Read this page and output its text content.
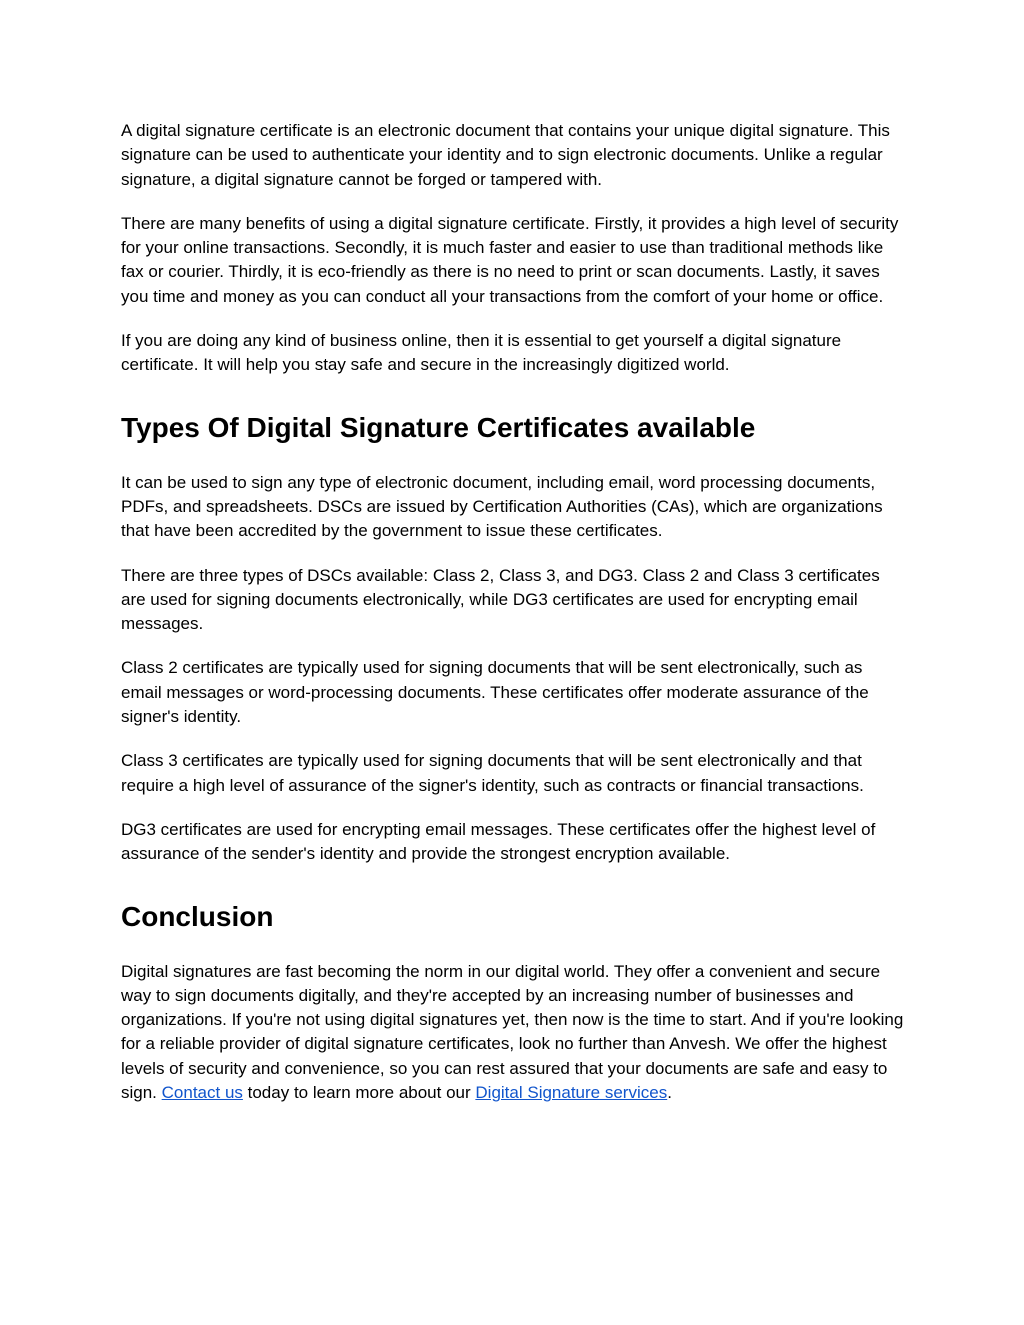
A digital signature certificate is an electronic document that contains your unique digital signature. This signature can be used to authenticate your identity and to sign electronic documents. Unlike a regular signature, a digital signature cannot be forged or tampered with.

There are many benefits of using a digital signature certificate. Firstly, it provides a high level of security for your online transactions. Secondly, it is much faster and easier to use than traditional methods like fax or courier. Thirdly, it is eco-friendly as there is no need to print or scan documents. Lastly, it saves you time and money as you can conduct all your transactions from the comfort of your home or office.

If you are doing any kind of business online, then it is essential to get yourself a digital signature certificate. It will help you stay safe and secure in the increasingly digitized world.

Types Of Digital Signature Certificates available

It can be used to sign any type of electronic document, including email, word processing documents, PDFs, and spreadsheets. DSCs are issued by Certification Authorities (CAs), which are organizations that have been accredited by the government to issue these certificates.

There are three types of DSCs available: Class 2, Class 3, and DG3. Class 2 and Class 3 certificates are used for signing documents electronically, while DG3 certificates are used for encrypting email messages.

Class 2 certificates are typically used for signing documents that will be sent electronically, such as email messages or word-processing documents. These certificates offer moderate assurance of the signer's identity.

Class 3 certificates are typically used for signing documents that will be sent electronically and that require a high level of assurance of the signer's identity, such as contracts or financial transactions.

DG3 certificates are used for encrypting email messages. These certificates offer the highest level of assurance of the sender's identity and provide the strongest encryption available.

Conclusion

Digital signatures are fast becoming the norm in our digital world. They offer a convenient and secure way to sign documents digitally, and they're accepted by an increasing number of businesses and organizations. If you're not using digital signatures yet, then now is the time to start. And if you're looking for a reliable provider of digital signature certificates, look no further than Anvesh. We offer the highest levels of security and convenience, so you can rest assured that your documents are safe and easy to sign. Contact us today to learn more about our Digital Signature services.
